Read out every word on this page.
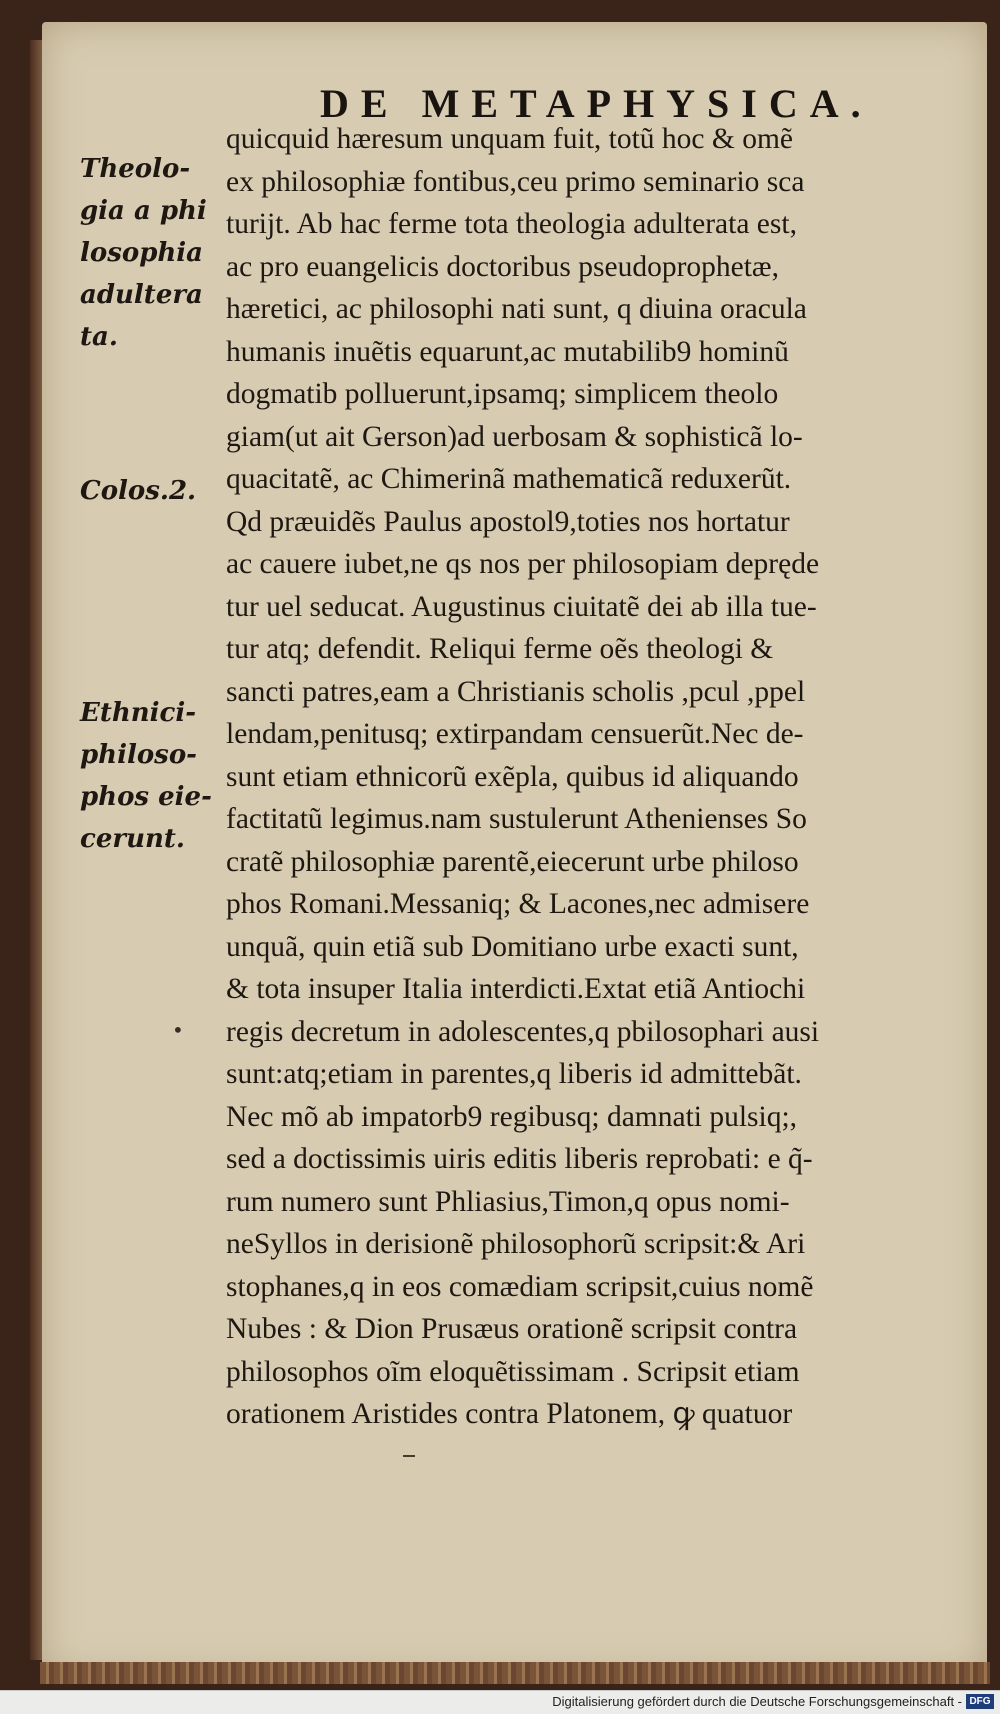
DE METAPHYSICA.
quicquid hæresum unquam fuit, totũ hoc & omẽ
ex philosophiæ fontibus,ceu primo seminario sca
turijt. Ab hac ferme tota theologia adulterata est,
ac pro euangelicis doctoribus pseudoprophetæ,
hæretici, ac philosophi nati sunt, q diuina oracula
humanis inuẽtis equarunt,ac mutabilib9 hominũ
dogmatib polluerunt,ipsamq; simplicem theolo
giam(ut ait Gerson)ad uerbosam & sophisticã lo-
quacitatẽ, ac Chimerinã mathematicã reduxerũt.
Qd præuidẽs Paulus apostol9,toties nos hortatur
ac cauere iubet,ne qs nos per philosopiam depręde
tur uel seducat. Augustinus ciuitatẽ dei ab illa tue-
tur atq; defendit. Reliqui ferme oẽs theologi &
sancti patres,eam a Christianis scholis ,pcul ,ppel
lendam,penitusq; extirpandam censuerũt.Nec de-
sunt etiam ethnicorũ exẽpla, quibus id aliquando
factitatũ legimus.nam sustulerunt Athenienses So
cratẽ philosophiæ parentẽ,eiecerunt urbe philoso
phos Romani.Messaniq; & Lacones,nec admisere
unquã, quin etiã sub Domitiano urbe exacti sunt,
& tota insuper Italia interdicti.Extat etiã Antiochi
regis decretum in adolescentes,q pbilosophari ausi
sunt:atq;etiam in parentes,q liberis id admittebãt.
Nec mõ ab impatorb9 regibusq; damnati pulsiq;,
sed a doctissimis uiris editis liberis reprobati: e q̃-
rum numero sunt Phliasius,Timon,q opus nomi-
neSyllos in derisionẽ philosophorũ scripsit:& Ari
stophanes,q in eos comædiam scripsit,cuius nomẽ
Nubes : & Dion Prusæus orationẽ scripsit contra
philosophos oĩm eloquẽtissimam . Scripsit etiam
orationem Aristides contra Platonem, ꝙ quatuor
Theolo-
gia a phi
losophia
adultera
ta.
Colos.2.
Ethnici-
philoso-
phos eie-
cerunt.
•
Digitalisierung gefördert durch die Deutsche Forschungsgemeinschaft - DFG
